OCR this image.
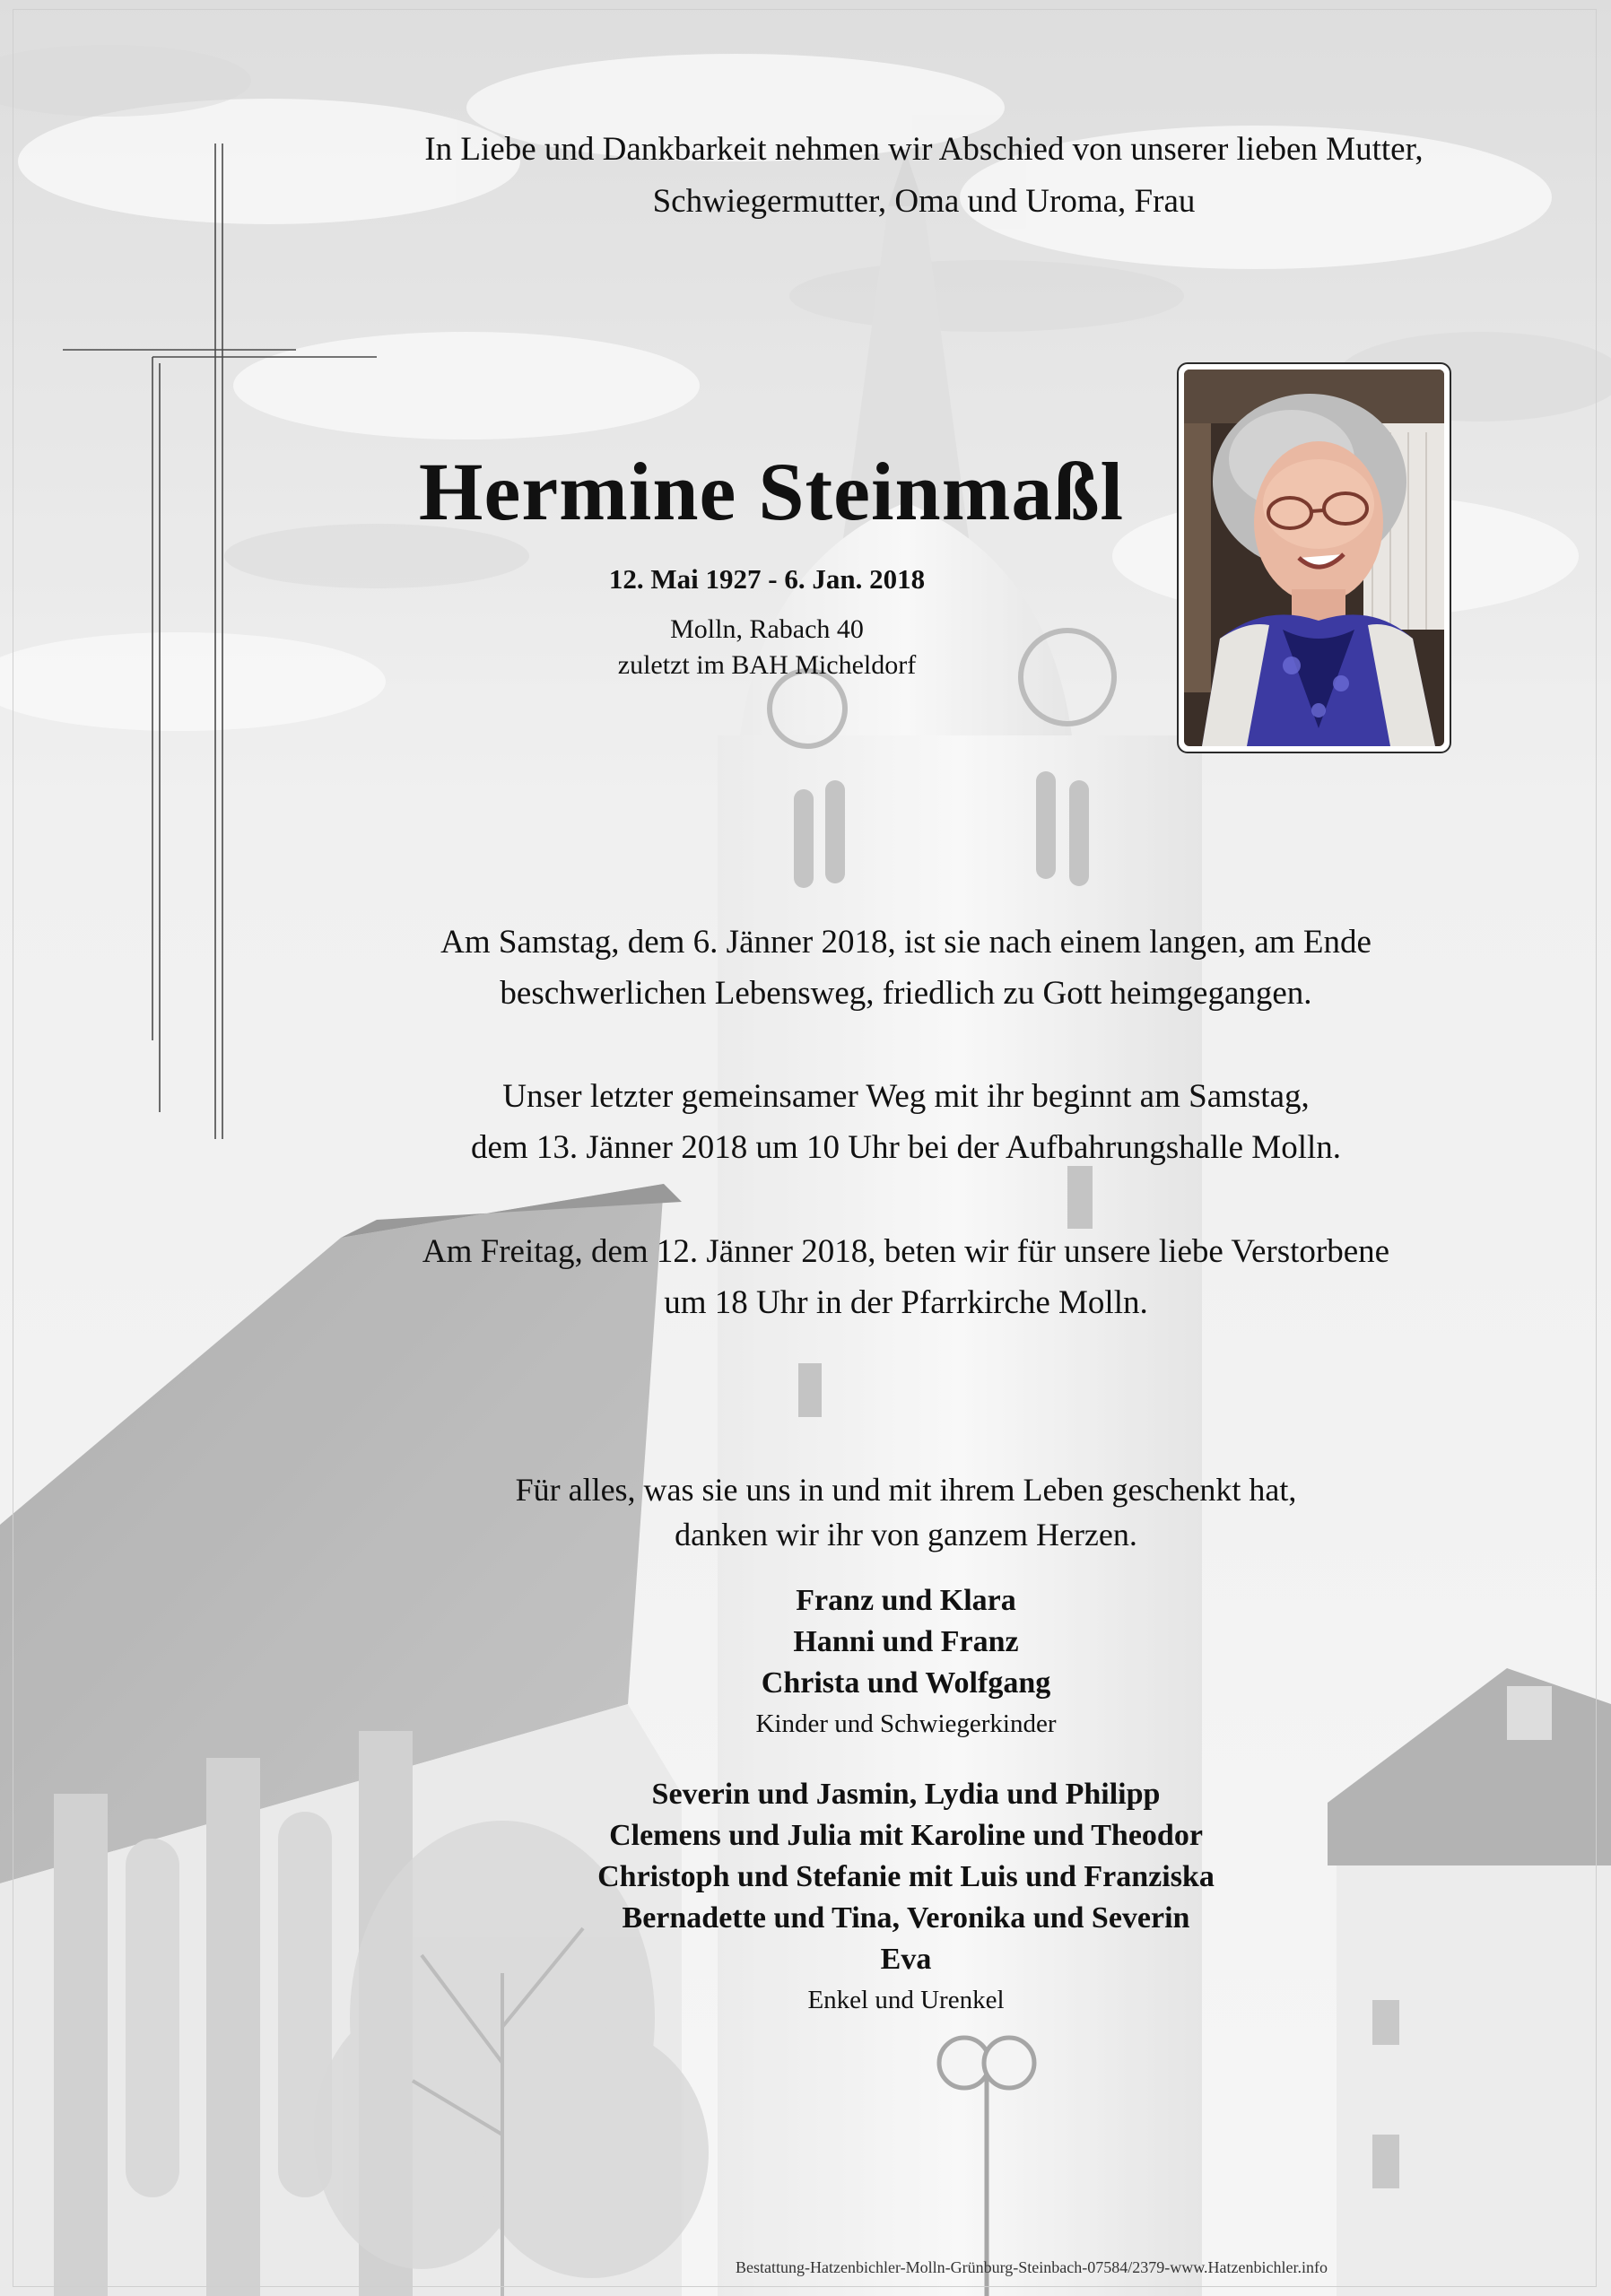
In Liebe und Dankbarkeit nehmen wir Abschied von unserer lieben Mutter,
Schwiegermutter, Oma und Uroma, Frau
Hermine Steinmaßl
12. Mai 1927 - 6. Jan. 2018
Molln, Rabach 40
zuletzt im BAH Micheldorf
Am Samstag, dem 6. Jänner 2018, ist sie nach einem langen, am Ende
beschwerlichen Lebensweg, friedlich zu Gott heimgegangen.
Unser letzter gemeinsamer Weg mit ihr beginnt am Samstag,
dem 13. Jänner 2018 um 10 Uhr bei der Aufbahrungshalle Molln.
Am Freitag, dem 12. Jänner 2018, beten wir für unsere liebe Verstorbene
um 18 Uhr in der Pfarrkirche Molln.
Für alles, was sie uns in und mit ihrem Leben geschenkt hat,
danken wir ihr von ganzem Herzen.
Franz und Klara
Hanni und Franz
Christa und Wolfgang
Kinder und Schwiegerkinder
Severin und Jasmin, Lydia und Philipp
Clemens und Julia mit Karoline und Theodor
Christoph und Stefanie mit Luis und Franziska
Bernadette und Tina, Veronika und Severin
Eva
Enkel und Urenkel
Bestattung-Hatzenbichler-Molln-Grünburg-Steinbach-07584/2379-www.Hatzenbichler.info
